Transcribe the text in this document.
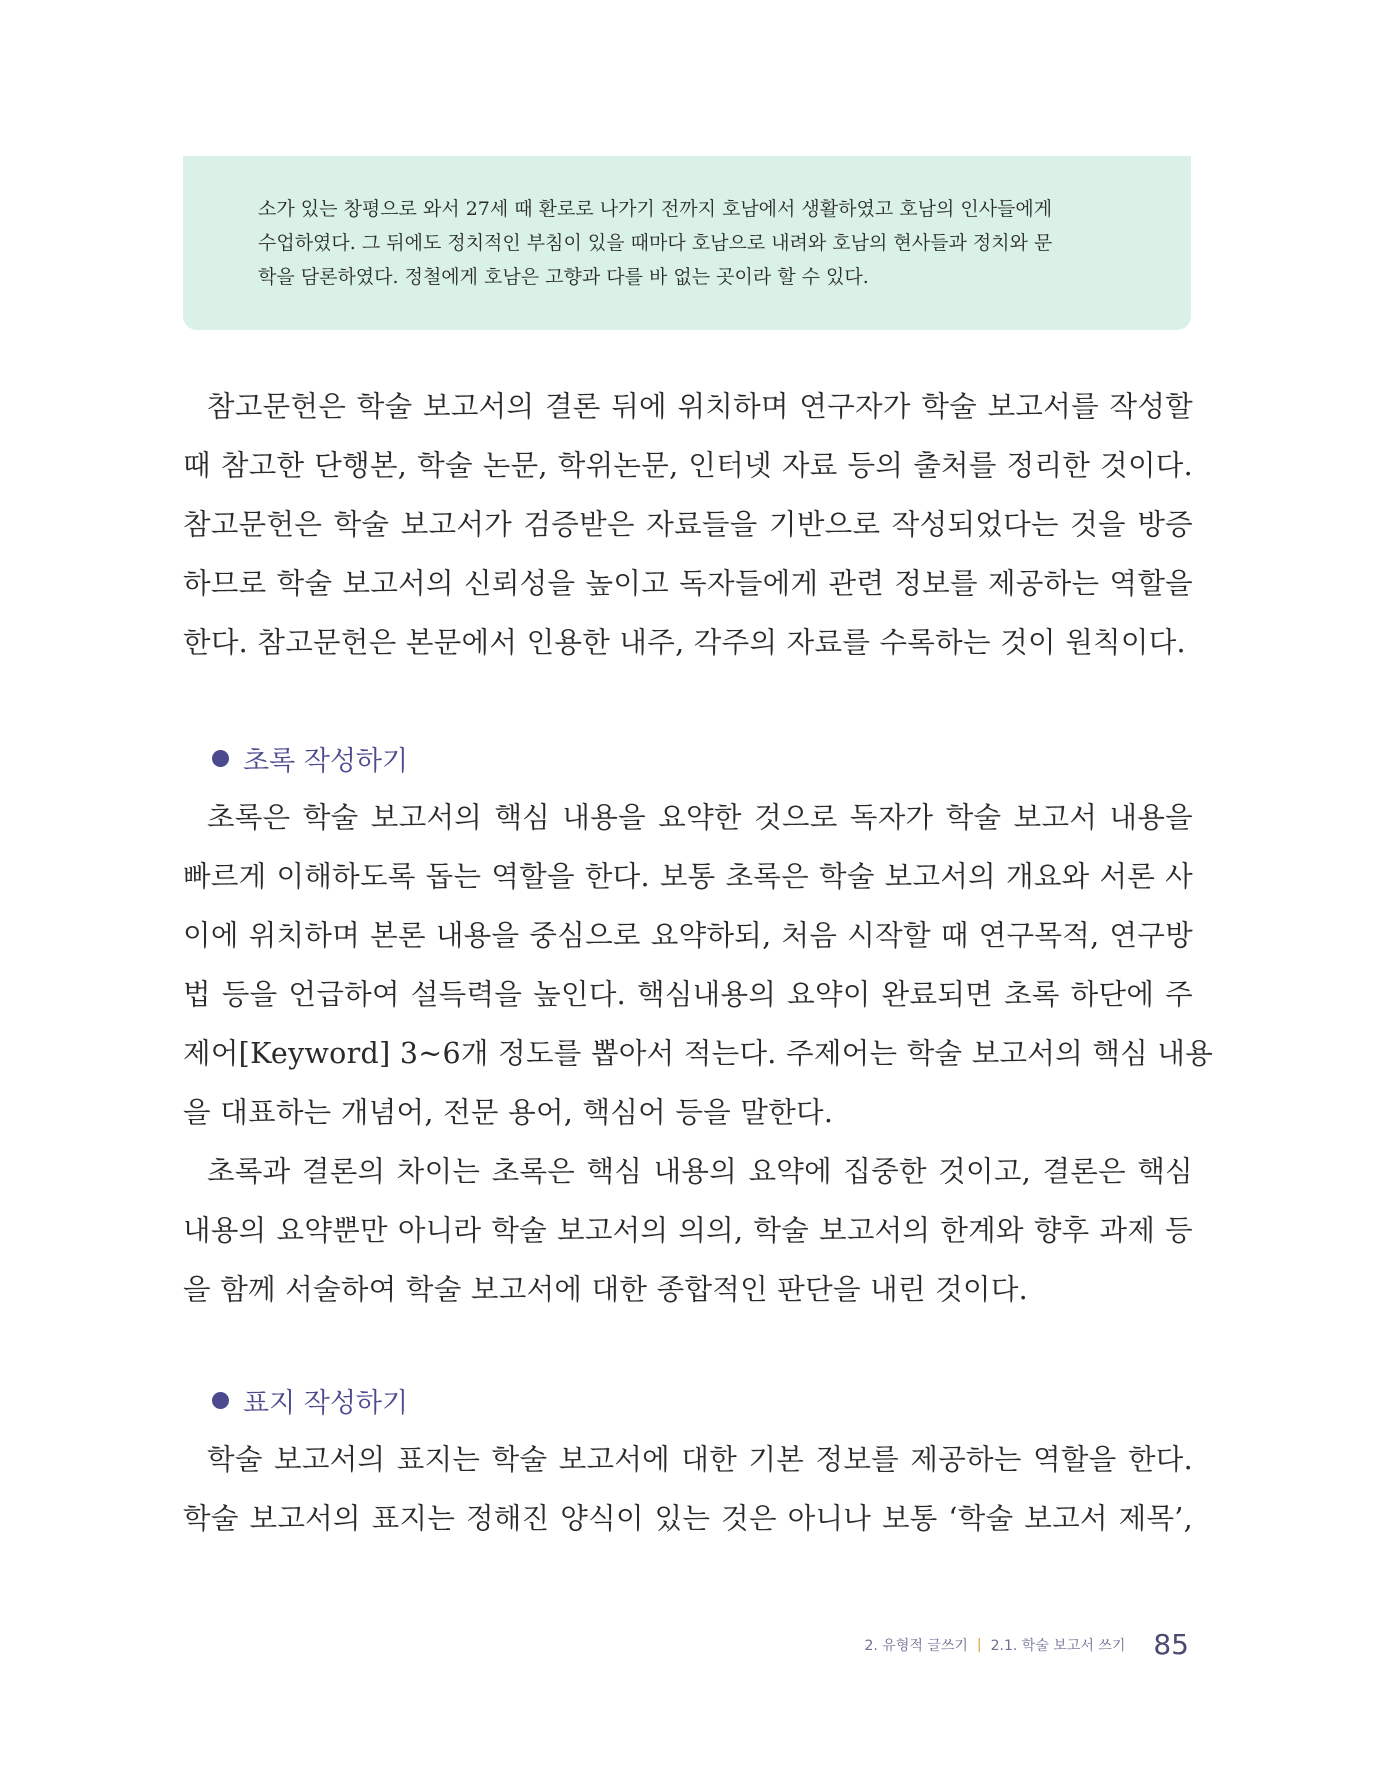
소가 있는 창평으로 와서 27세 때 환로로 나가기 전까지 호남에서 생활하였고 호남의 인사들에게
수업하였다. 그 뒤에도 정치적인 부침이 있을 때마다 호남으로 내려와 호남의 현사들과 정치와 문
학을 담론하였다. 정철에게 호남은 고향과 다를 바 없는 곳이라 할 수 있다.
참고문헌은 학술 보고서의 결론 뒤에 위치하며 연구자가 학술 보고서를 작성할
때 참고한 단행본, 학술 논문, 학위논문, 인터넷 자료 등의 출처를 정리한 것이다.
참고문헌은 학술 보고서가 검증받은 자료들을 기반으로 작성되었다는 것을 방증
하므로 학술 보고서의 신뢰성을 높이고 독자들에게 관련 정보를 제공하는 역할을
한다. 참고문헌은 본문에서 인용한 내주, 각주의 자료를 수록하는 것이 원칙이다.
초록 작성하기
초록은 학술 보고서의 핵심 내용을 요약한 것으로 독자가 학술 보고서 내용을
빠르게 이해하도록 돕는 역할을 한다. 보통 초록은 학술 보고서의 개요와 서론 사
이에 위치하며 본론 내용을 중심으로 요약하되, 처음 시작할 때 연구목적, 연구방
법 등을 언급하여 설득력을 높인다. 핵심내용의 요약이 완료되면 초록 하단에 주
제어[Keyword] 3~6개 정도를 뽑아서 적는다. 주제어는 학술 보고서의 핵심 내용
을 대표하는 개념어, 전문 용어, 핵심어 등을 말한다.
초록과 결론의 차이는 초록은 핵심 내용의 요약에 집중한 것이고, 결론은 핵심
내용의 요약뿐만 아니라 학술 보고서의 의의, 학술 보고서의 한계와 향후 과제 등
을 함께 서술하여 학술 보고서에 대한 종합적인 판단을 내린 것이다.
표지 작성하기
학술 보고서의 표지는 학술 보고서에 대한 기본 정보를 제공하는 역할을 한다.
학술 보고서의 표지는 정해진 양식이 있는 것은 아니나 보통 ‘학술 보고서 제목’,
2. 유형적 글쓰기 | 2.1. 학술 보고서 쓰기 85
